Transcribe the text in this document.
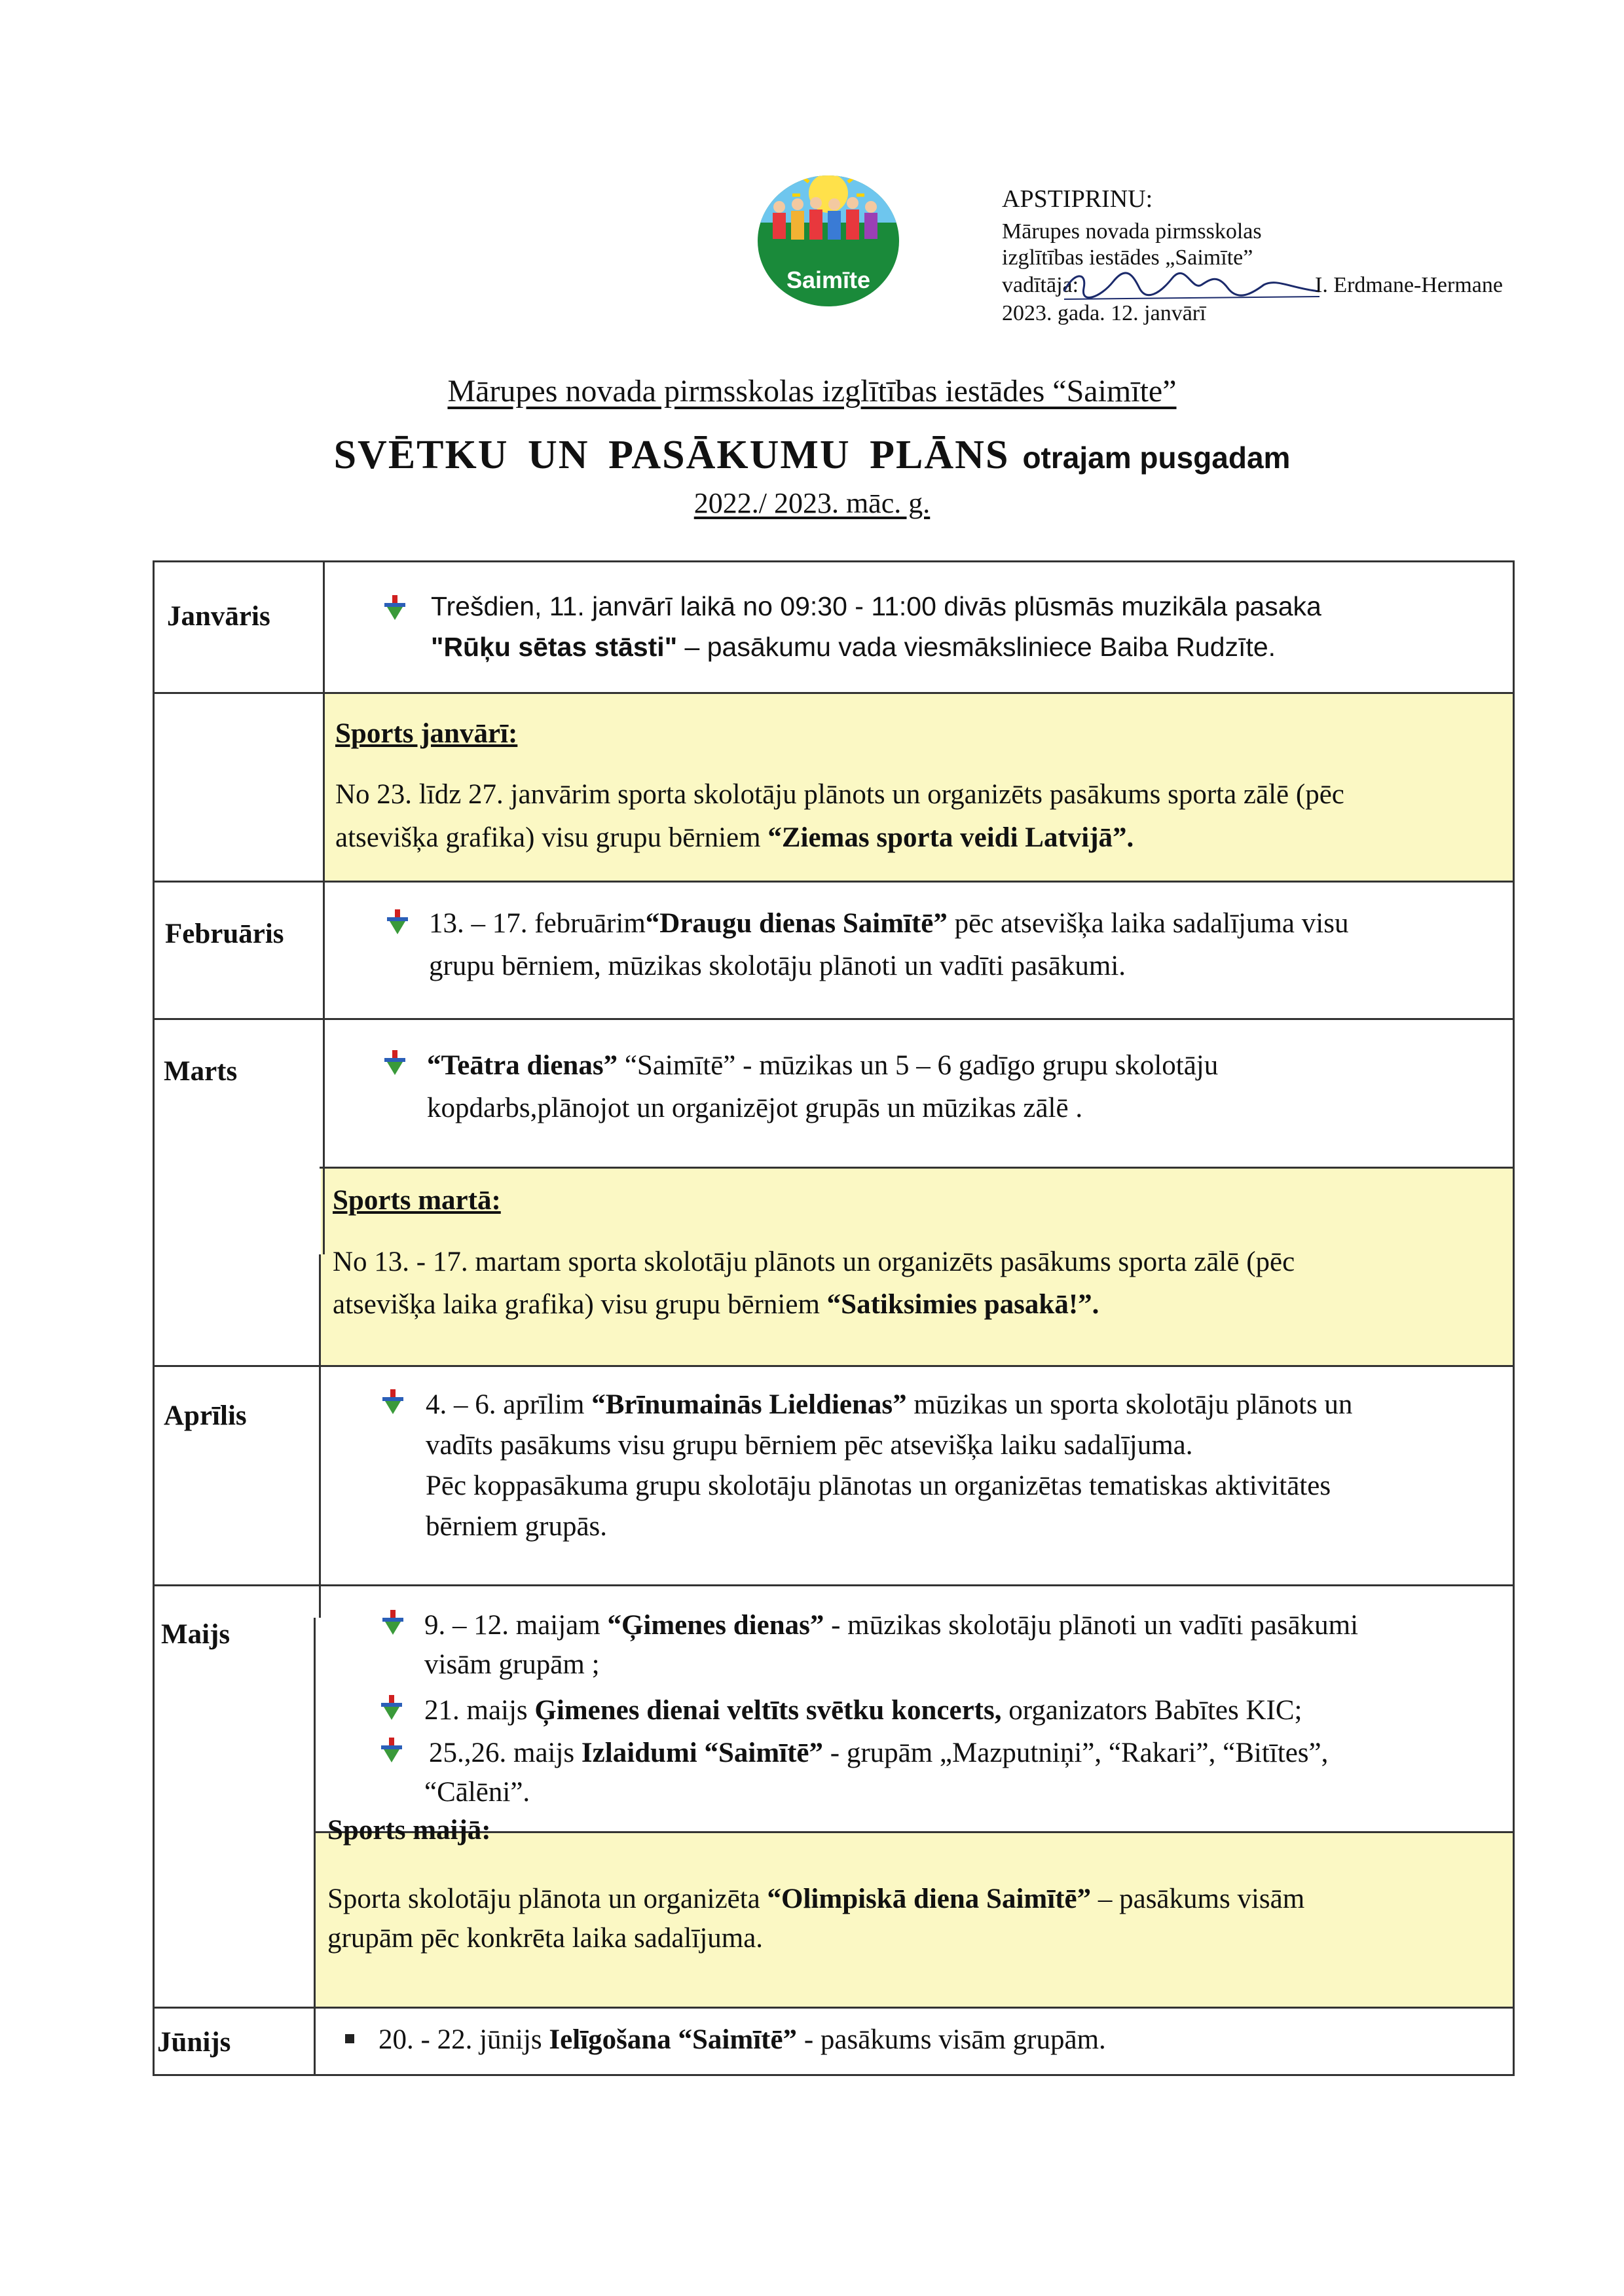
Saimīte
APSTIPRINU:
Mārupes novada pirmsskolas
izglītības iestādes „Saimīte”
vadītāja:	I. Erdmane-Hermane
2023. gada. 12. janvārī
Mārupes novada pirmsskolas izglītības iestādes “Saimīte”
SVĒTKU UN PASĀKUMU PLĀNS otrajam pusgadam
2022./ 2023. māc. g.
Janvāris	Trešdien, 11. janvārī laikā no 09:30 - 11:00 divās plūsmās muzikāla pasaka
"Rūķu sētas stāsti" – pasākumu vada viesmāksliniece Baiba Rudzīte.
Sports janvārī:
No 23. līdz 27. janvārim sporta skolotāju plānots un organizēts pasākums sporta zālē (pēc
atsevišķa grafika) visu grupu bērniem “Ziemas sporta veidi Latvijā”.
Februāris	13. – 17. februārim“Draugu dienas Saimītē” pēc atsevišķa laika sadalījuma visu
grupu bērniem, mūzikas skolotāju plānoti un vadīti pasākumi.
Marts	“Teātra dienas” “Saimītē” - mūzikas un 5 – 6 gadīgo grupu skolotāju
kopdarbs,plānojot un organizējot grupās un mūzikas zālē .
Sports martā:
No 13. - 17. martam sporta skolotāju plānots un organizēts pasākums sporta zālē (pēc
atsevišķa laika grafika) visu grupu bērniem “Satiksimies pasakā!”.
Aprīlis	4. – 6. aprīlim “Brīnumainās Lieldienas” mūzikas un sporta skolotāju plānots un
vadīts pasākums visu grupu bērniem pēc atsevišķa laiku sadalījuma.
Pēc koppasākuma grupu skolotāju plānotas un organizētas tematiskas aktivitātes
bērniem grupās.
Maijs	9. – 12. maijam “Ģimenes dienas” - mūzikas skolotāju plānoti un vadīti pasākumi
visām grupām ;
21. maijs Ģimenes dienai veltīts svētku koncerts, organizators Babītes KIC;
25.,26. maijs Izlaidumi “Saimītē” - grupām „Mazputniņi”, “Rakari”, “Bitītes”,
“Cālēni”.
Sports maijā:
Sporta skolotāju plānota un organizēta “Olimpiskā diena Saimītē” – pasākums visām
grupām pēc konkrēta laika sadalījuma.
Jūnijs	20. - 22. jūnijs Ielīgošana “Saimītē” - pasākums visām grupām.
